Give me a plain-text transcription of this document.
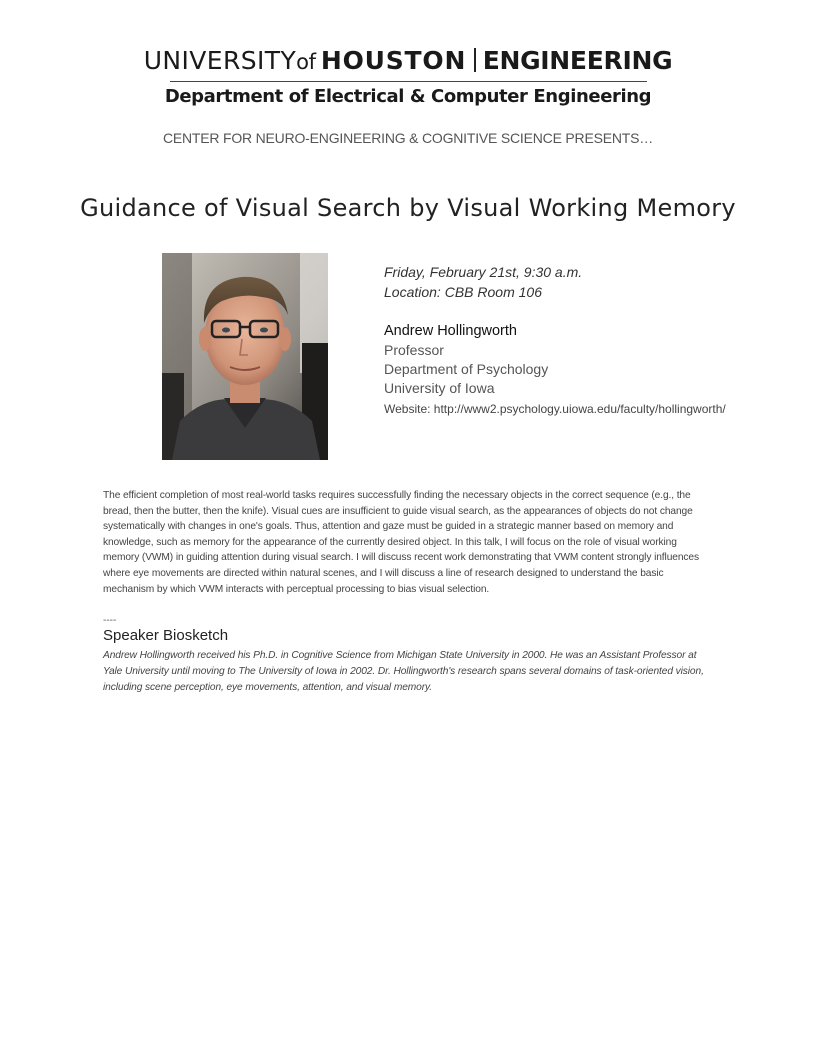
UNIVERSITYof HOUSTON ENGINEERING
Department of Electrical & Computer Engineering
CENTER FOR NEURO-ENGINEERING & COGNITIVE SCIENCE PRESENTS…
Guidance of Visual Search by Visual Working Memory
Friday, February 21st, 9:30 a.m.
Location: CBB Room 106
Andrew Hollingworth
Professor
Department of Psychology
University of Iowa
Website: http://www2.psychology.uiowa.edu/faculty/hollingworth/
The efficient completion of most real-world tasks requires successfully finding the necessary objects in the correct sequence (e.g., the bread, then the butter, then the knife). Visual cues are insufficient to guide visual search, as the appearances of objects do not change systematically with changes in one's goals. Thus, attention and gaze must be guided in a strategic manner based on memory and knowledge, such as memory for the appearance of the currently desired object. In this talk, I will focus on the role of visual working memory (VWM) in guiding attention during visual search. I will discuss recent work demonstrating that VWM content strongly influences where eye movements are directed within natural scenes, and I will discuss a line of research designed to understand the basic mechanism by which VWM interacts with perceptual processing to bias visual selection.
----
Speaker Biosketch
Andrew Hollingworth received his Ph.D. in Cognitive Science from Michigan State University in 2000. He was an Assistant Professor at Yale University until moving to The University of Iowa in 2002. Dr. Hollingworth's research spans several domains of task-oriented vision, including scene perception, eye movements, attention, and visual memory.
